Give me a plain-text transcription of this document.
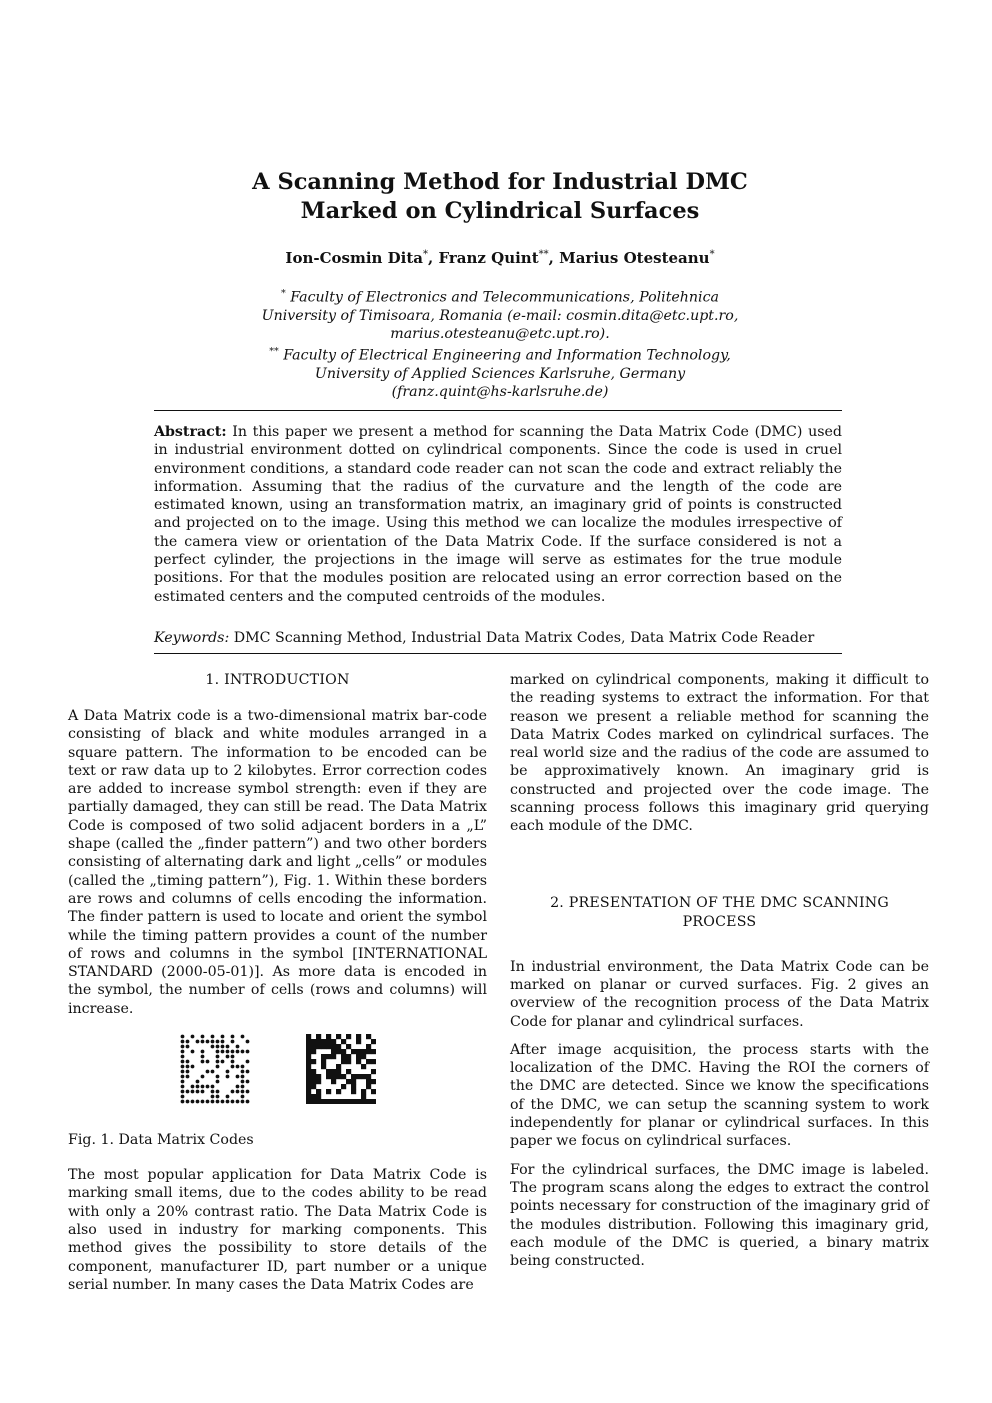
A Scanning Method for Industrial DMC
Marked on Cylindrical Surfaces
Ion-Cosmin Dita*, Franz Quint**, Marius Otesteanu*
* Faculty of Electronics and Telecommunications, Politehnica
University of Timisoara, Romania (e-mail: cosmin.dita@etc.upt.ro,
marius.otesteanu@etc.upt.ro).
** Faculty of Electrical Engineering and Information Technology,
University of Applied Sciences Karlsruhe, Germany
(franz.quint@hs-karlsruhe.de)
Abstract: In this paper we present a method for scanning the Data Matrix Code (DMC) used in industrial environment dotted on cylindrical components. Since the code is used in cruel environment conditions, a standard code reader can not scan the code and extract reliably the information. Assuming that the radius of the curvature and the length of the code are estimated known, using an transformation matrix, an imaginary grid of points is constructed and projected on to the image. Using this method we can localize the modules irrespective of the camera view or orientation of the Data Matrix Code. If the surface considered is not a perfect cylinder, the projections in the image will serve as estimates for the true module positions. For that the modules position are relocated using an error correction based on the estimated centers and the computed centroids of the modules.
Keywords: DMC Scanning Method, Industrial Data Matrix Codes, Data Matrix Code Reader
1. INTRODUCTION

A Data Matrix code is a two-dimensional matrix bar-code consisting of black and white modules arranged in a square pattern. The information to be encoded can be text or raw data up to 2 kilobytes. Error correction codes are added to increase symbol strength: even if they are partially damaged, they can still be read. The Data Matrix Code is composed of two solid adjacent borders in a „L” shape (called the „finder pattern”) and two other borders consisting of alternating dark and light „cells” or modules (called the „timing pattern”), Fig. 1. Within these borders are rows and columns of cells encoding the information. The finder pattern is used to locate and orient the symbol while the timing pattern provides a count of the number of rows and columns in the symbol [INTERNATIONAL STANDARD (2000-05-01)]. As more data is encoded in the symbol, the number of cells (rows and columns) will increase.

Fig. 1. Data Matrix Codes

The most popular application for Data Matrix Code is marking small items, due to the codes ability to be read with only a 20% contrast ratio. The Data Matrix Code is also used in industry for marking components. This method gives the possibility to store details of the component, manufacturer ID, part number or a unique serial number. In many cases the Data Matrix Codes are

marked on cylindrical components, making it difficult to the reading systems to extract the information. For that reason we present a reliable method for scanning the Data Matrix Codes marked on cylindrical surfaces. The real world size and the radius of the code are assumed to be approximatively known. An imaginary grid is constructed and projected over the code image. The scanning process follows this imaginary grid querying each module of the DMC.

2. PRESENTATION OF THE DMC SCANNING
PROCESS

In industrial environment, the Data Matrix Code can be marked on planar or curved surfaces. Fig. 2 gives an overview of the recognition process of the Data Matrix Code for planar and cylindrical surfaces.

After image acquisition, the process starts with the localization of the DMC. Having the ROI the corners of the DMC are detected. Since we know the specifications of the DMC, we can setup the scanning system to work independently for planar or cylindrical surfaces. In this paper we focus on cylindrical surfaces.

For the cylindrical surfaces, the DMC image is labeled. The program scans along the edges to extract the control points necessary for construction of the imaginary grid of the modules distribution. Following this imaginary grid, each module of the DMC is queried, a binary matrix being constructed.
